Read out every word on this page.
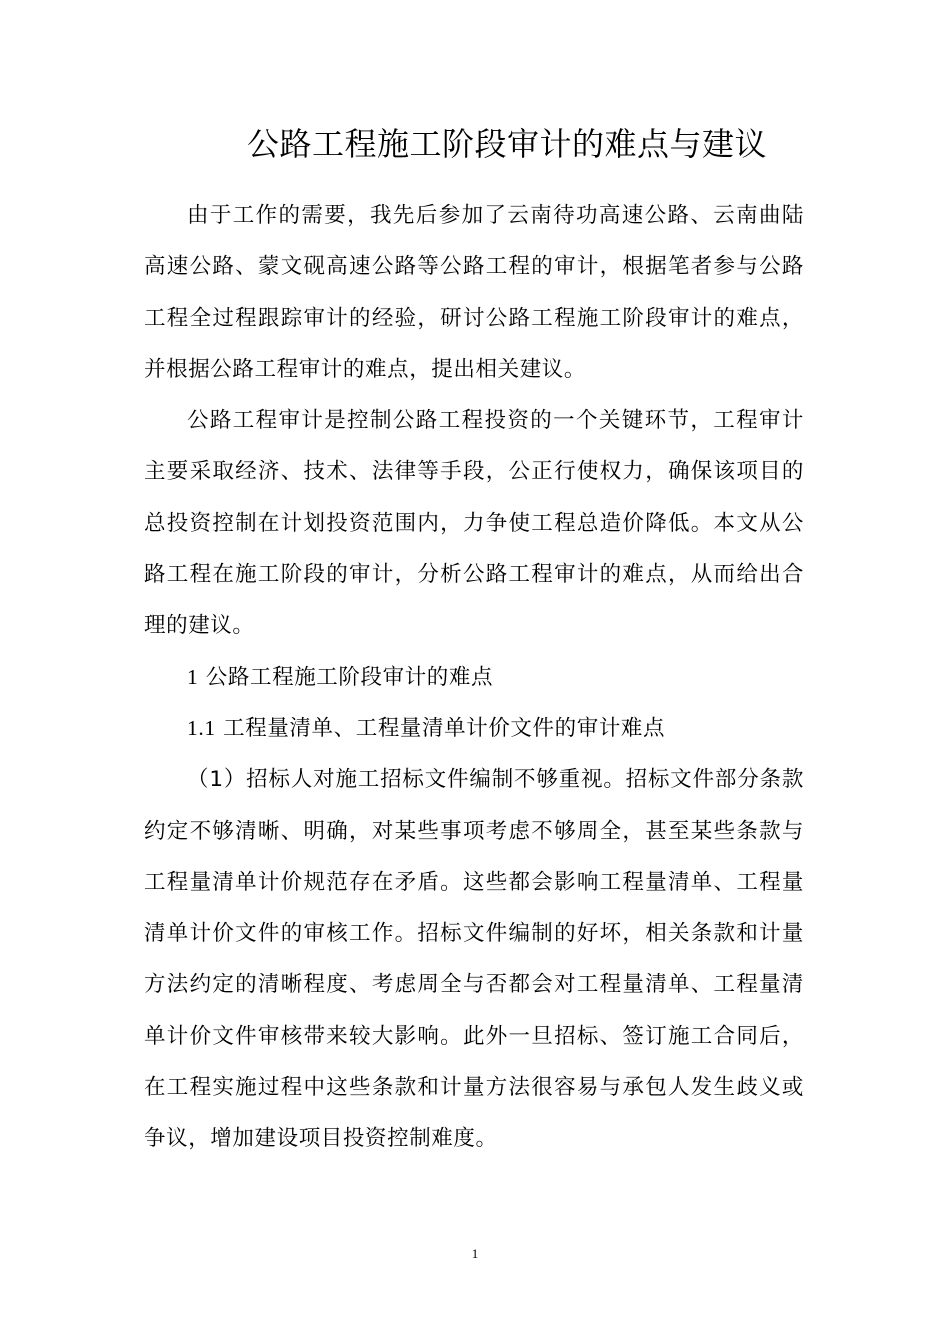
公路工程施工阶段审计的难点与建议

由于工作的需要，我先后参加了云南待功高速公路、云南曲陆高速公路、蒙文砚高速公路等公路工程的审计，根据笔者参与公路工程全过程跟踪审计的经验，研讨公路工程施工阶段审计的难点，并根据公路工程审计的难点，提出相关建议。

公路工程审计是控制公路工程投资的一个关键环节，工程审计主要采取经济、技术、法律等手段，公正行使权力，确保该项目的总投资控制在计划投资范围内，力争使工程总造价降低。本文从公路工程在施工阶段的审计，分析公路工程审计的难点，从而给出合理的建议。

1 公路工程施工阶段审计的难点

1.1 工程量清单、工程量清单计价文件的审计难点

（1）招标人对施工招标文件编制不够重视。招标文件部分条款约定不够清晰、明确，对某些事项考虑不够周全，甚至某些条款与工程量清单计价规范存在矛盾。这些都会影响工程量清单、工程量清单计价文件的审核工作。招标文件编制的好坏，相关条款和计量方法约定的清晰程度、考虑周全与否都会对工程量清单、工程量清单计价文件审核带来较大影响。此外一旦招标、签订施工合同后，在工程实施过程中这些条款和计量方法很容易与承包人发生歧义或争议，增加建设项目投资控制难度。

1
